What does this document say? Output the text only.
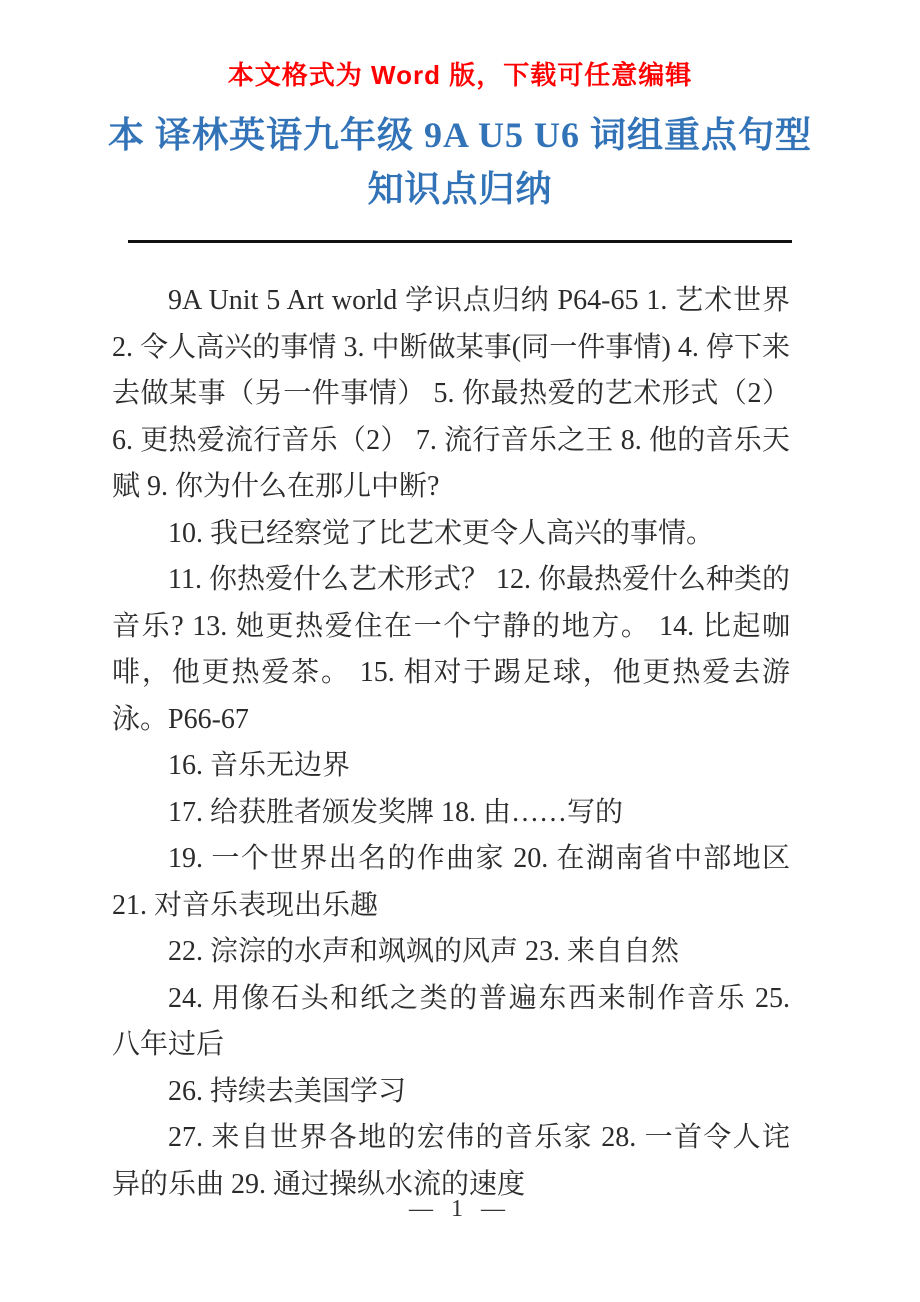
本文格式为 Word 版，下载可任意编辑
本 译林英语九年级 9A U5 U6 词组重点句型
知识点归纳

9A Unit 5 Art world 学识点归纳 P64-65 1. 艺术世界 2. 令人高兴的事情 3. 中断做某事(同一件事情) 4. 停下来去做某事（另一件事情） 5. 你最热爱的艺术形式（2） 6. 更热爱流行音乐（2） 7. 流行音乐之王 8. 他的音乐天赋 9. 你为什么在那儿中断?

10. 我已经察觉了比艺术更令人高兴的事情。

11. 你热爱什么艺术形式？ 12. 你最热爱什么种类的音乐? 13. 她更热爱住在一个宁静的地方。 14. 比起咖啡，他更热爱茶。 15. 相对于踢足球，他更热爱去游泳。P66-67

16. 音乐无边界

17. 给获胜者颁发奖牌 18. 由……写的

19. 一个世界出名的作曲家 20. 在湖南省中部地区 21. 对音乐表现出乐趣

22. 淙淙的水声和飒飒的风声 23. 来自自然

24. 用像石头和纸之类的普遍东西来制作音乐 25. 八年过后

26. 持续去美国学习

27. 来自世界各地的宏伟的音乐家 28. 一首令人诧异的乐曲 29. 通过操纵水流的速度

— 1 —
